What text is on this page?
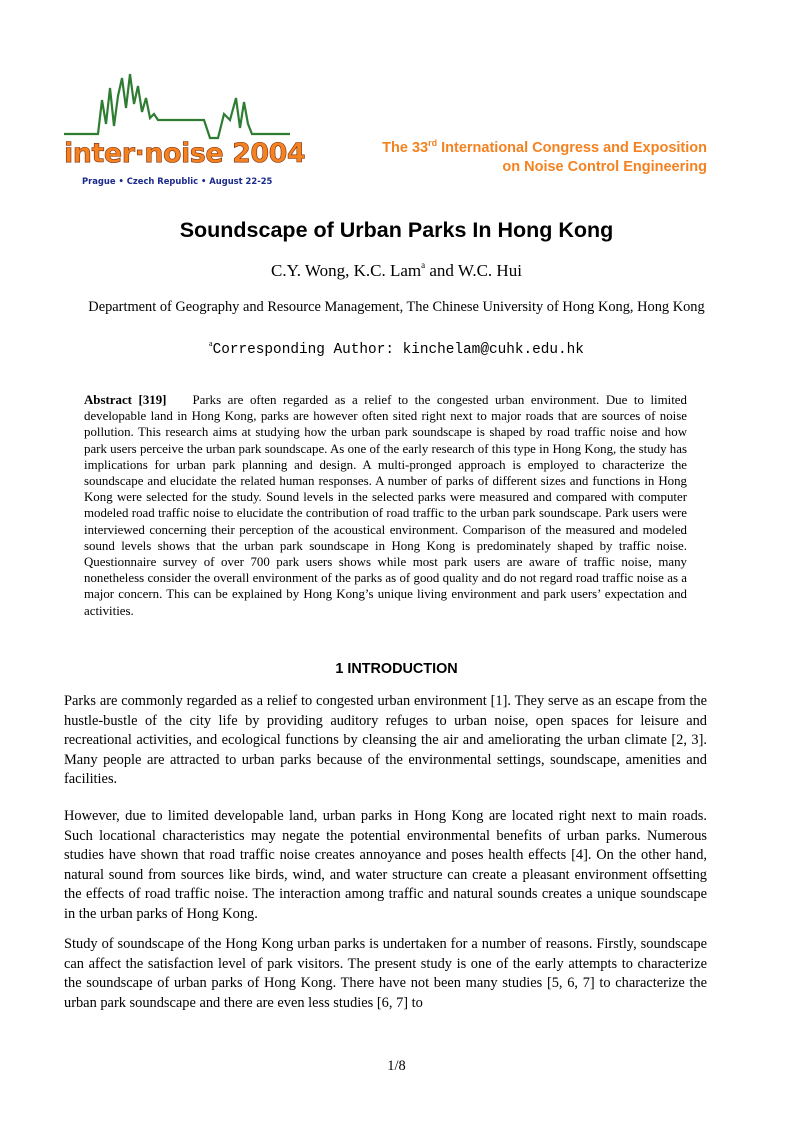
inter·noise 2004
Prague • Czech Republic • August 22-25
The 33rd International Congress and Exposition
on Noise Control Engineering
Soundscape of Urban Parks In Hong Kong
C.Y. Wong, K.C. Lam$^a$ and W.C. Hui
Department of Geography and Resource Management, The Chinese University of Hong Kong, Hong Kong
$^a$Corresponding Author: kinchelam@cuhk.edu.hk
Abstract [319] Parks are often regarded as a relief to the congested urban environment. Due to limited developable land in Hong Kong, parks are however often sited right next to major roads that are sources of noise pollution. This research aims at studying how the urban park soundscape is shaped by road traffic noise and how park users perceive the urban park soundscape. As one of the early research of this type in Hong Kong, the study has implications for urban park planning and design. A multi-pronged approach is employed to characterize the soundscape and elucidate the related human responses. A number of parks of different sizes and functions in Hong Kong were selected for the study. Sound levels in the selected parks were measured and compared with computer modeled road traffic noise to elucidate the contribution of road traffic to the urban park soundscape. Park users were interviewed concerning their perception of the acoustical environment. Comparison of the measured and modeled sound levels shows that the urban park soundscape in Hong Kong is predominately shaped by traffic noise. Questionnaire survey of over 700 park users shows while most park users are aware of traffic noise, many nonetheless consider the overall environment of the parks as of good quality and do not regard road traffic noise as a major concern. This can be explained by Hong Kong’s unique living environment and park users’ expectation and activities.
1 INTRODUCTION
Parks are commonly regarded as a relief to congested urban environment [1]. They serve as an escape from the hustle-bustle of the city life by providing auditory refuges to urban noise, open spaces for leisure and recreational activities, and ecological functions by cleansing the air and ameliorating the urban climate [2, 3]. Many people are attracted to urban parks because of the environmental settings, soundscape, amenities and facilities.
However, due to limited developable land, urban parks in Hong Kong are located right next to main roads. Such locational characteristics may negate the potential environmental benefits of urban parks. Numerous studies have shown that road traffic noise creates annoyance and poses health effects [4]. On the other hand, natural sound from sources like birds, wind, and water structure can create a pleasant environment offsetting the effects of road traffic noise. The interaction among traffic and natural sounds creates a unique soundscape in the urban parks of Hong Kong.
Study of soundscape of the Hong Kong urban parks is undertaken for a number of reasons. Firstly, soundscape can affect the satisfaction level of park visitors. The present study is one of the early attempts to characterize the soundscape of urban parks of Hong Kong. There have not been many studies [5, 6, 7] to characterize the urban park soundscape and there are even less studies [6, 7] to
1/8
